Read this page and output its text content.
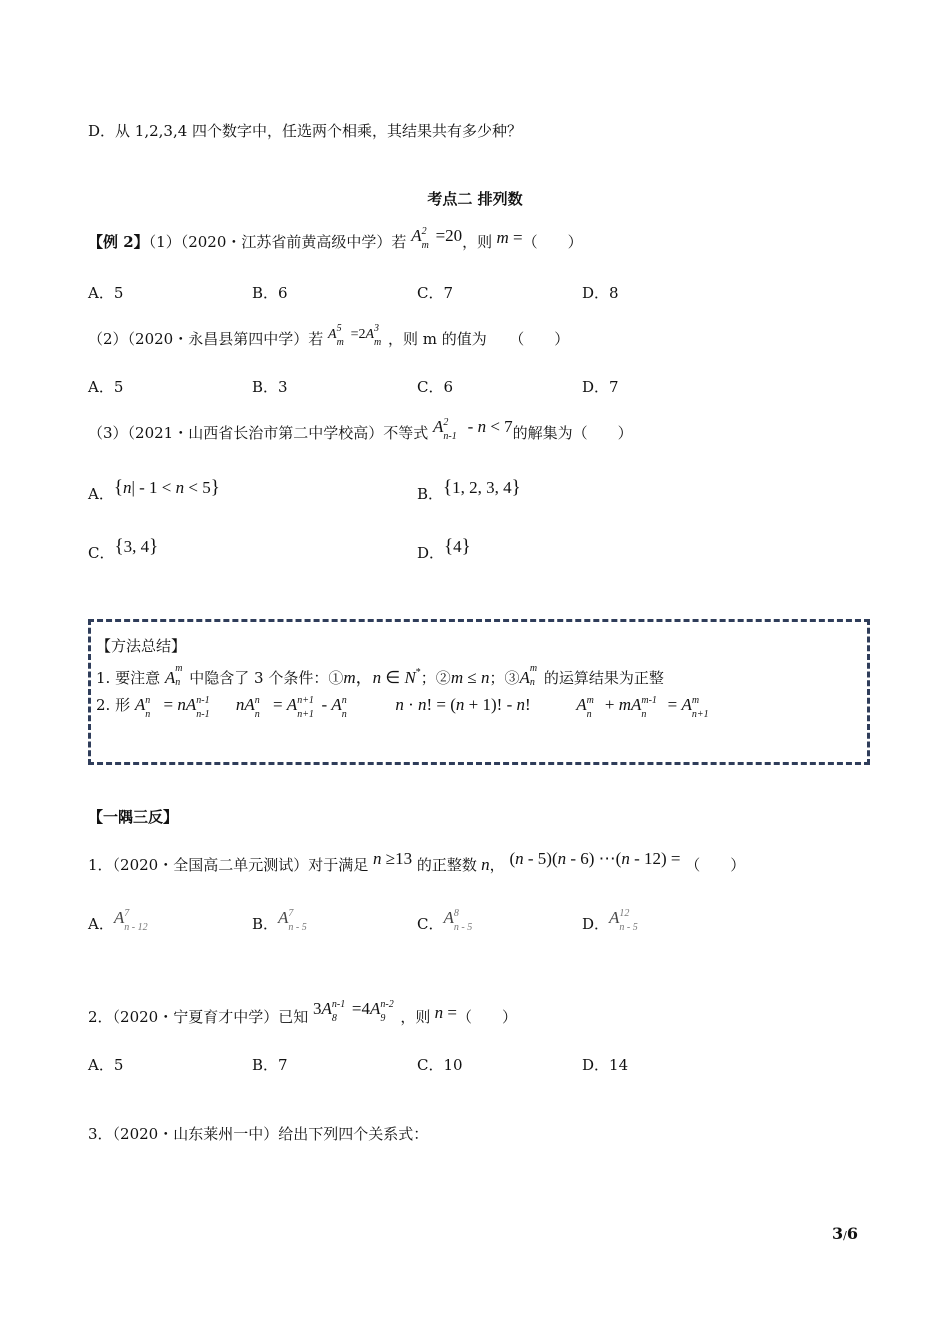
D．从 1,2,3,4 四个数字中，任选两个相乘，其结果共有多少种？
考点二 排列数
【例 2】（1）（2020・江苏省前黄高级中学）若 A 2
m
=20，则 m =（　　）
A．5	B．6	C．7	D．8
（2）（2020・永昌县第四中学）若 A 5
m
=2A 3
m ，则 m 的值为　　（　　）
A．5	B．3	C．6	D．7
（3）（2021・山西省长治市第二中学校高）不等式 A 2
n-1
- n < 7的解集为（　　）
A．{n| - 1 < n < 5}	B．{1, 2, 3, 4}
C．{3, 4}	D．{4}
【方法总结】
1. 要注意 A m
n 中隐含了 3 个条件：①m，n ∈ N*；②m ≤ n；③A m
n 的运算结果为正整
2. 形 A n
n
= nA n-1
n-1
nA n
n
= A n+1
n+1
- A n
n
n · n! = (n + 1)! - n!	A m
n
+ mA m-1
n
= A m
n+1
【一隅三反】
1．（2020・全国高二单元测试）对于满足 n ≥13 的正整数 n， (n - 5)(n - 6) ⋯(n - 12) = （　　）
A．A 7
n - 12	B．A 7
n - 5	C．A 8
n - 5	D．A 12
n - 5
2．（2020・宁夏育才中学）已知 3A n-1
8
=4A n-2
9 ，则 n =（　　）
A．5	B．7	C．10	D．14
3．（2020・山东莱州一中）给出下列四个关系式：
3/6
